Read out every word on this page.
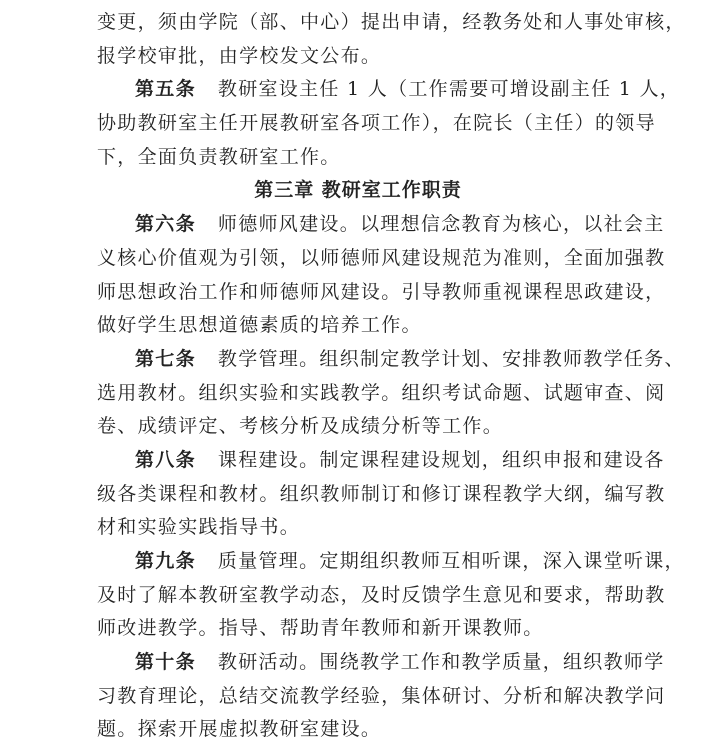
变更，须由学院（部、中心）提出申请，经教务处和人事处审核，
报学校审批，由学校发文公布。
第五条 教研室设主任 1 人（工作需要可增设副主任 1 人，
协助教研室主任开展教研室各项工作），在院长（主任）的领导
下，全面负责教研室工作。
第三章 教研室工作职责
第六条 师德师风建设。以理想信念教育为核心，以社会主
义核心价值观为引领，以师德师风建设规范为准则，全面加强教
师思想政治工作和师德师风建设。引导教师重视课程思政建设，
做好学生思想道德素质的培养工作。
第七条 教学管理。组织制定教学计划、安排教师教学任务、
选用教材。组织实验和实践教学。组织考试命题、试题审查、阅
卷、成绩评定、考核分析及成绩分析等工作。
第八条 课程建设。制定课程建设规划，组织申报和建设各
级各类课程和教材。组织教师制订和修订课程教学大纲，编写教
材和实验实践指导书。
第九条 质量管理。定期组织教师互相听课，深入课堂听课，
及时了解本教研室教学动态，及时反馈学生意见和要求，帮助教
师改进教学。指导、帮助青年教师和新开课教师。
第十条 教研活动。围绕教学工作和教学质量，组织教师学
习教育理论，总结交流教学经验，集体研讨、分析和解决教学问
题。探索开展虚拟教研室建设。
